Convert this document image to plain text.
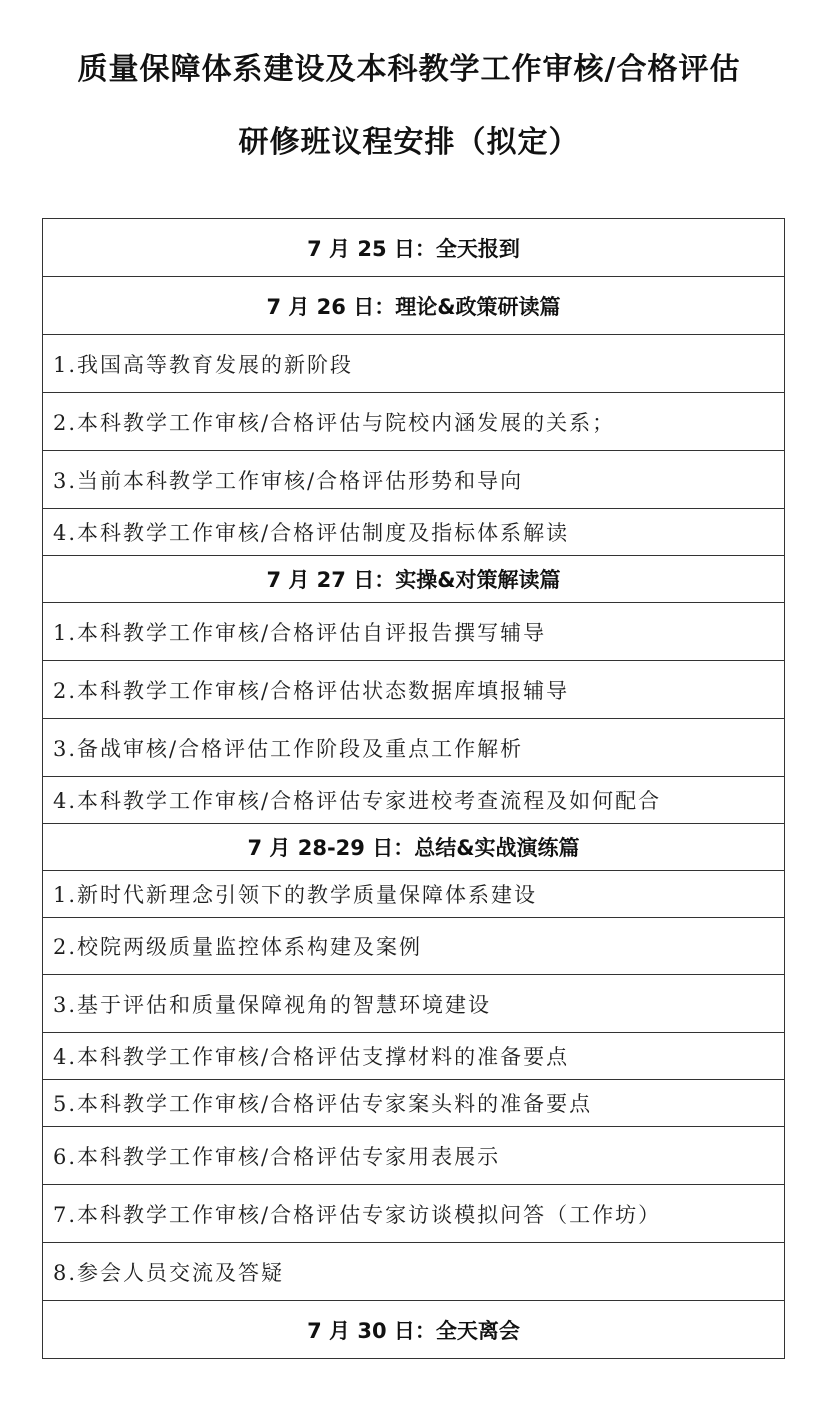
质量保障体系建设及本科教学工作审核/合格评估
研修班议程安排（拟定）
7 月 25 日：全天报到
7 月 26 日：理论&政策研读篇
1.我国高等教育发展的新阶段
2.本科教学工作审核/合格评估与院校内涵发展的关系；
3.当前本科教学工作审核/合格评估形势和导向
4.本科教学工作审核/合格评估制度及指标体系解读
7 月 27 日：实操&对策解读篇
1.本科教学工作审核/合格评估自评报告撰写辅导
2.本科教学工作审核/合格评估状态数据库填报辅导
3.备战审核/合格评估工作阶段及重点工作解析
4.本科教学工作审核/合格评估专家进校考查流程及如何配合
7 月 28-29 日：总结&实战演练篇
1.新时代新理念引领下的教学质量保障体系建设
2.校院两级质量监控体系构建及案例
3.基于评估和质量保障视角的智慧环境建设
4.本科教学工作审核/合格评估支撑材料的准备要点
5.本科教学工作审核/合格评估专家案头料的准备要点
6.本科教学工作审核/合格评估专家用表展示
7.本科教学工作审核/合格评估专家访谈模拟问答（工作坊）
8.参会人员交流及答疑
7 月 30 日：全天离会
